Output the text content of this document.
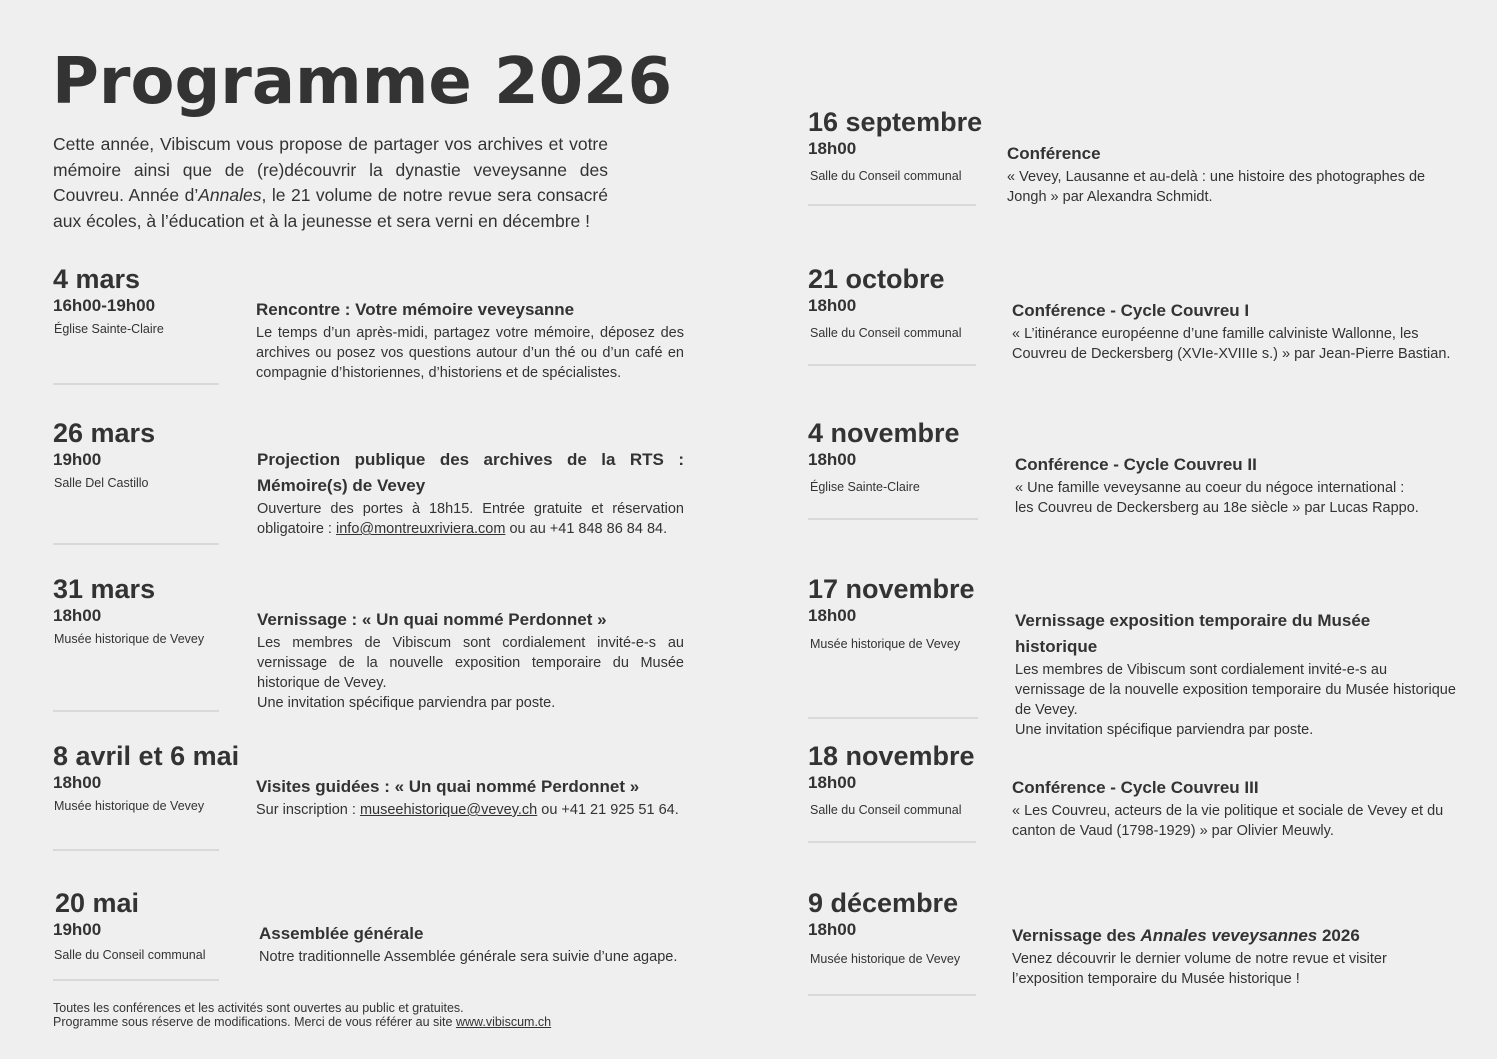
Programme 2026

Cette année, Vibiscum vous propose de partager vos archives et votre mémoire ainsi que de (re)découvrir la dynastie veveysanne des Couvreu. Année d’Annales, le 21 volume de notre revue sera consacré aux écoles, à l’éducation et à la jeunesse et sera verni en décembre !

4 mars
16h00-19h00
Église Sainte-Claire
Rencontre : Votre mémoire veveysanne
Le temps d’un après-midi, partagez votre mémoire, déposez des archives ou posez vos questions autour d’un thé ou d’un café en compagnie d’historiennes, d’historiens et de spécialistes.
26 mars
19h00
Salle Del Castillo
Projection publique des archives de la RTS : Mémoire(s) de Vevey
Ouverture des portes à 18h15. Entrée gratuite et réservation obligatoire : info@montreuxriviera.com ou au +41 848 86 84 84.
31 mars
18h00
Musée historique de Vevey
Vernissage : « Un quai nommé Perdonnet »
Les membres de Vibiscum sont cordialement invité-e-s au vernissage de la nouvelle exposition temporaire du Musée historique de Vevey.
Une invitation spécifique parviendra par poste.
8 avril et 6 mai
18h00
Musée historique de Vevey
Visites guidées : « Un quai nommé Perdonnet »
Sur inscription : museehistorique@vevey.ch ou +41 21 925 51 64.
20 mai
19h00
Salle du Conseil communal
Assemblée générale
Notre traditionnelle Assemblée générale sera suivie d’une agape.
16 septembre
18h00
Salle du Conseil communal
Conférence
« Vevey, Lausanne et au-delà : une histoire des photographes de Jongh » par Alexandra Schmidt.
21 octobre
18h00
Salle du Conseil communal
Conférence - Cycle Couvreu I
« L’itinérance européenne d’une famille calviniste Wallonne, les Couvreu de Deckersberg (XVIe-XVIIIe s.) » par Jean-Pierre Bastian.
4 novembre
18h00
Église Sainte-Claire
Conférence - Cycle Couvreu II
« Une famille veveysanne au coeur du négoce international :
les Couvreu de Deckersberg au 18e siècle » par Lucas Rappo.
17 novembre
18h00
Musée historique de Vevey
Vernissage exposition temporaire du Musée historique
Les membres de Vibiscum sont cordialement invité-e-s au vernissage de la nouvelle exposition temporaire du Musée historique de Vevey.
Une invitation spécifique parviendra par poste.
18 novembre
18h00
Salle du Conseil communal
Conférence - Cycle Couvreu III
« Les Couvreu, acteurs de la vie politique et sociale de Vevey et du canton de Vaud (1798-1929) » par Olivier Meuwly.
9 décembre
18h00
Musée historique de Vevey
Vernissage des Annales veveysannes 2026
Venez découvrir le dernier volume de notre revue et visiter l’exposition temporaire du Musée historique !
Toutes les conférences et les activités sont ouvertes au public et gratuites.
Programme sous réserve de modifications. Merci de vous référer au site www.vibiscum.ch
